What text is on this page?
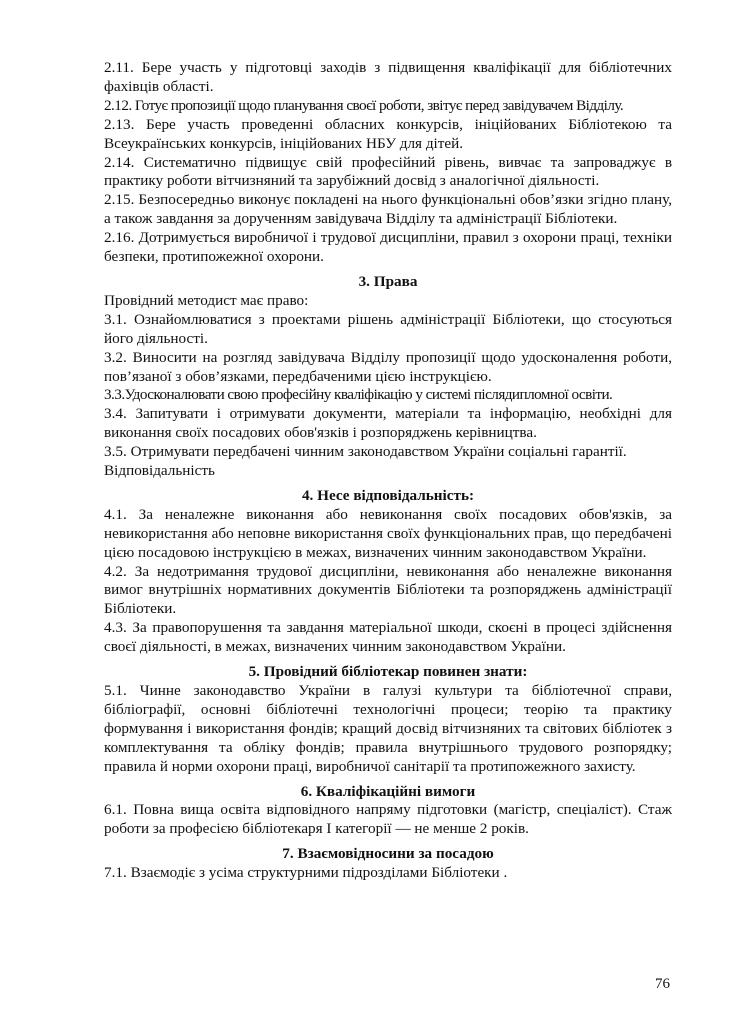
2.11. Бере участь у підготовці заходів з підвищення кваліфікації для бібліотечних фахівців області.

2.12. Готує пропозиції щодо планування своєї роботи, звітує перед завідувачем Відділу.

2.13. Бере участь проведенні обласних конкурсів, ініційованих Бібліотекою та Всеукраїнських конкурсів, ініційованих НБУ для дітей.

2.14. Систематично підвищує свій професійний рівень, вивчає та запроваджує в практику роботи вітчизняний та зарубіжний досвід з аналогічної діяльності.

2.15. Безпосередньо виконує покладені на нього функціональні обов’язки згідно плану, а також завдання за дорученням завідувача Відділу та адміністрації Бібліотеки.

2.16. Дотримується виробничої і трудової дисципліни, правил з охорони праці, техніки безпеки, протипожежної охорони.

3. Права

Провідний методист має право:

3.1. Ознайомлюватися з проектами рішень адміністрації Бібліотеки, що стосуються його діяльності.

3.2. Виносити на розгляд завідувача Відділу пропозиції щодо удосконалення роботи, пов’язаної з обов’язками, передбаченими цією інструкцією.

3.3.Удосконалювати свою професійну кваліфікацію у системі післядипломної освіти.

3.4. Запитувати і отримувати документи, матеріали та інформацію, необхідні для виконання своїх посадових обов'язків і розпоряджень керівництва.

3.5. Отримувати передбачені чинним законодавством України соціальні гарантії.

Відповідальність

4. Несе відповідальність:

4.1. За неналежне виконання або невиконання своїх посадових обов'язків, за невикористання або неповне використання своїх функціональних прав, що передбачені цією посадовою інструкцією в межах, визначених чинним законодавством України.

4.2. За недотримання трудової дисципліни, невиконання або неналежне виконання вимог внутрішніх нормативних документів Бібліотеки та розпоряджень адміністрації Бібліотеки.

4.3. За правопорушення та завдання матеріальної шкоди, скоєні в процесі здійснення своєї діяльності, в межах, визначених чинним законодавством України.

5. Провідний бібліотекар повинен знати:

5.1. Чинне законодавство України в галузі культури та бібліотечної справи, бібліографії, основні бібліотечні технологічні процеси; теорію та практику формування і використання фондів; кращий досвід вітчизняних та світових бібліотек з комплектування та обліку фондів; правила внутрішнього трудового розпорядку; правила й норми охорони праці, виробничої санітарії та протипожежного захисту.

6. Кваліфікаційні вимоги

6.1. Повна вища освіта відповідного напряму підготовки (магістр, спеціаліст). Стаж роботи за професією бібліотекаря І категорії — не менше 2 років.

7. Взаємовідносини за посадою

7.1. Взаємодіє з усіма структурними підрозділами Бібліотеки .

76
